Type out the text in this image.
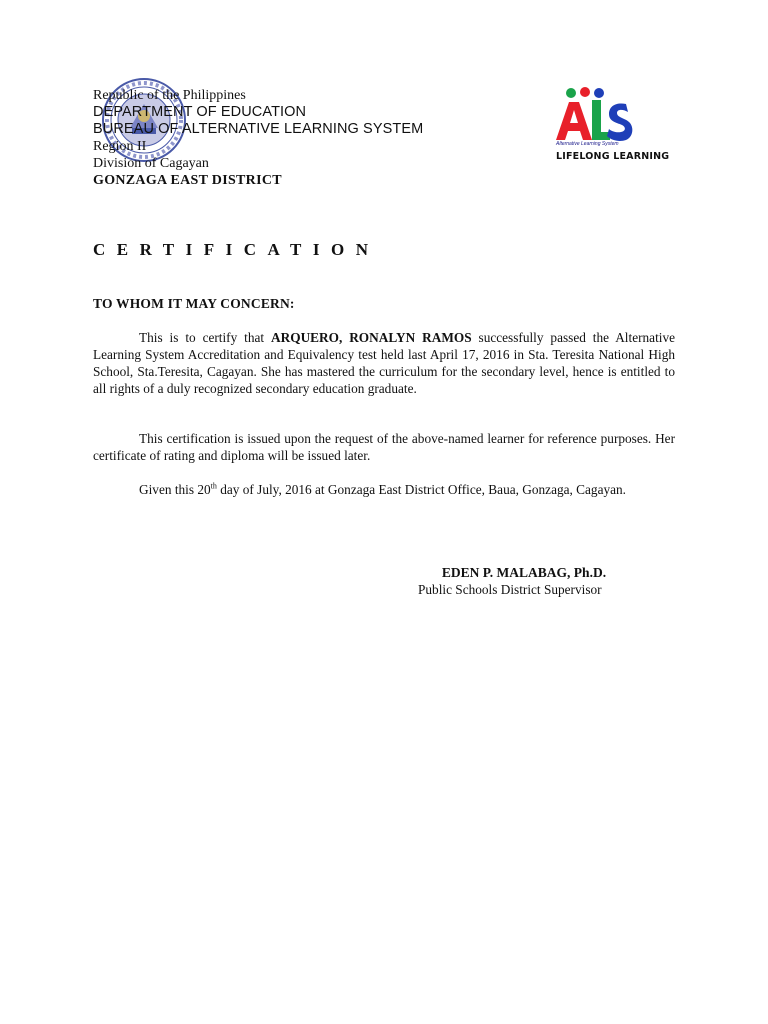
Republic of the Philippines
DEPARTMENT OF EDUCATION
BUREAU OF ALTERNATIVE LEARNING SYSTEM
Region II
Division of Cagayan
GONZAGA EAST DISTRICT
Alternative Learning System
LIFELONG LEARNING
CERTIFICATION
TO WHOM IT MAY CONCERN:
This is to certify that ARQUERO, RONALYN RAMOS successfully passed the Alternative Learning System Accreditation and Equivalency test held last April 17, 2016 in Sta. Teresita National High School, Sta.Teresita, Cagayan. She has mastered the curriculum for the secondary level, hence is entitled to all rights of a duly recognized secondary education graduate.
This certification is issued upon the request of the above-named learner for reference purposes. Her certificate of rating and diploma will be issued later.
Given this 20th day of July, 2016 at Gonzaga East District Office, Baua, Gonzaga, Cagayan.
EDEN P. MALABAG, Ph.D.
Public Schools District Supervisor
